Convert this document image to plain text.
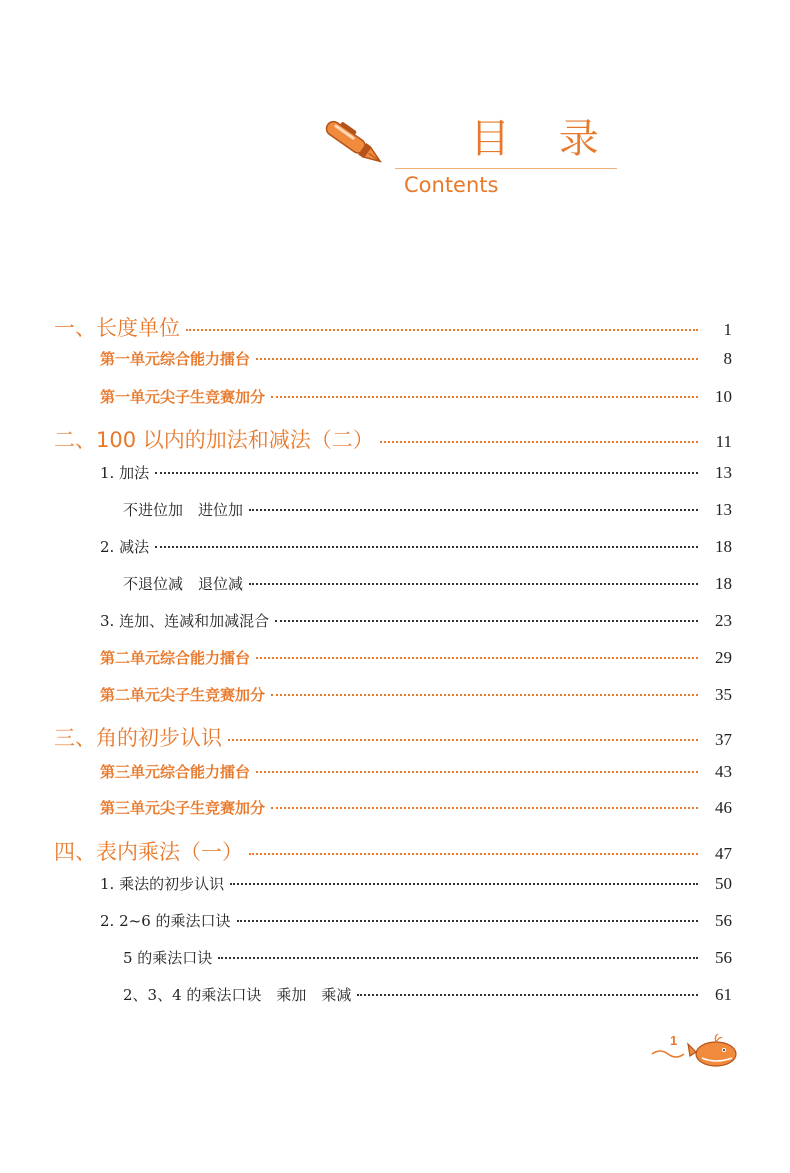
目 录
Contents
一、长度单位	1
第一单元综合能力擂台	8
第一单元尖子生竞赛加分	10
二、100 以内的加法和减法（二）	11
1. 加法	13
不进位加　进位加	13
2. 减法	18
不退位减　退位减	18
3. 连加、连减和加减混合	23
第二单元综合能力擂台	29
第二单元尖子生竞赛加分	35
三、角的初步认识	37
第三单元综合能力擂台	43
第三单元尖子生竞赛加分	46
四、表内乘法（一）	47
1. 乘法的初步认识	50
2. 2~6 的乘法口诀	56
5 的乘法口诀	56
2、3、4 的乘法口诀　乘加　乘减	61
1
